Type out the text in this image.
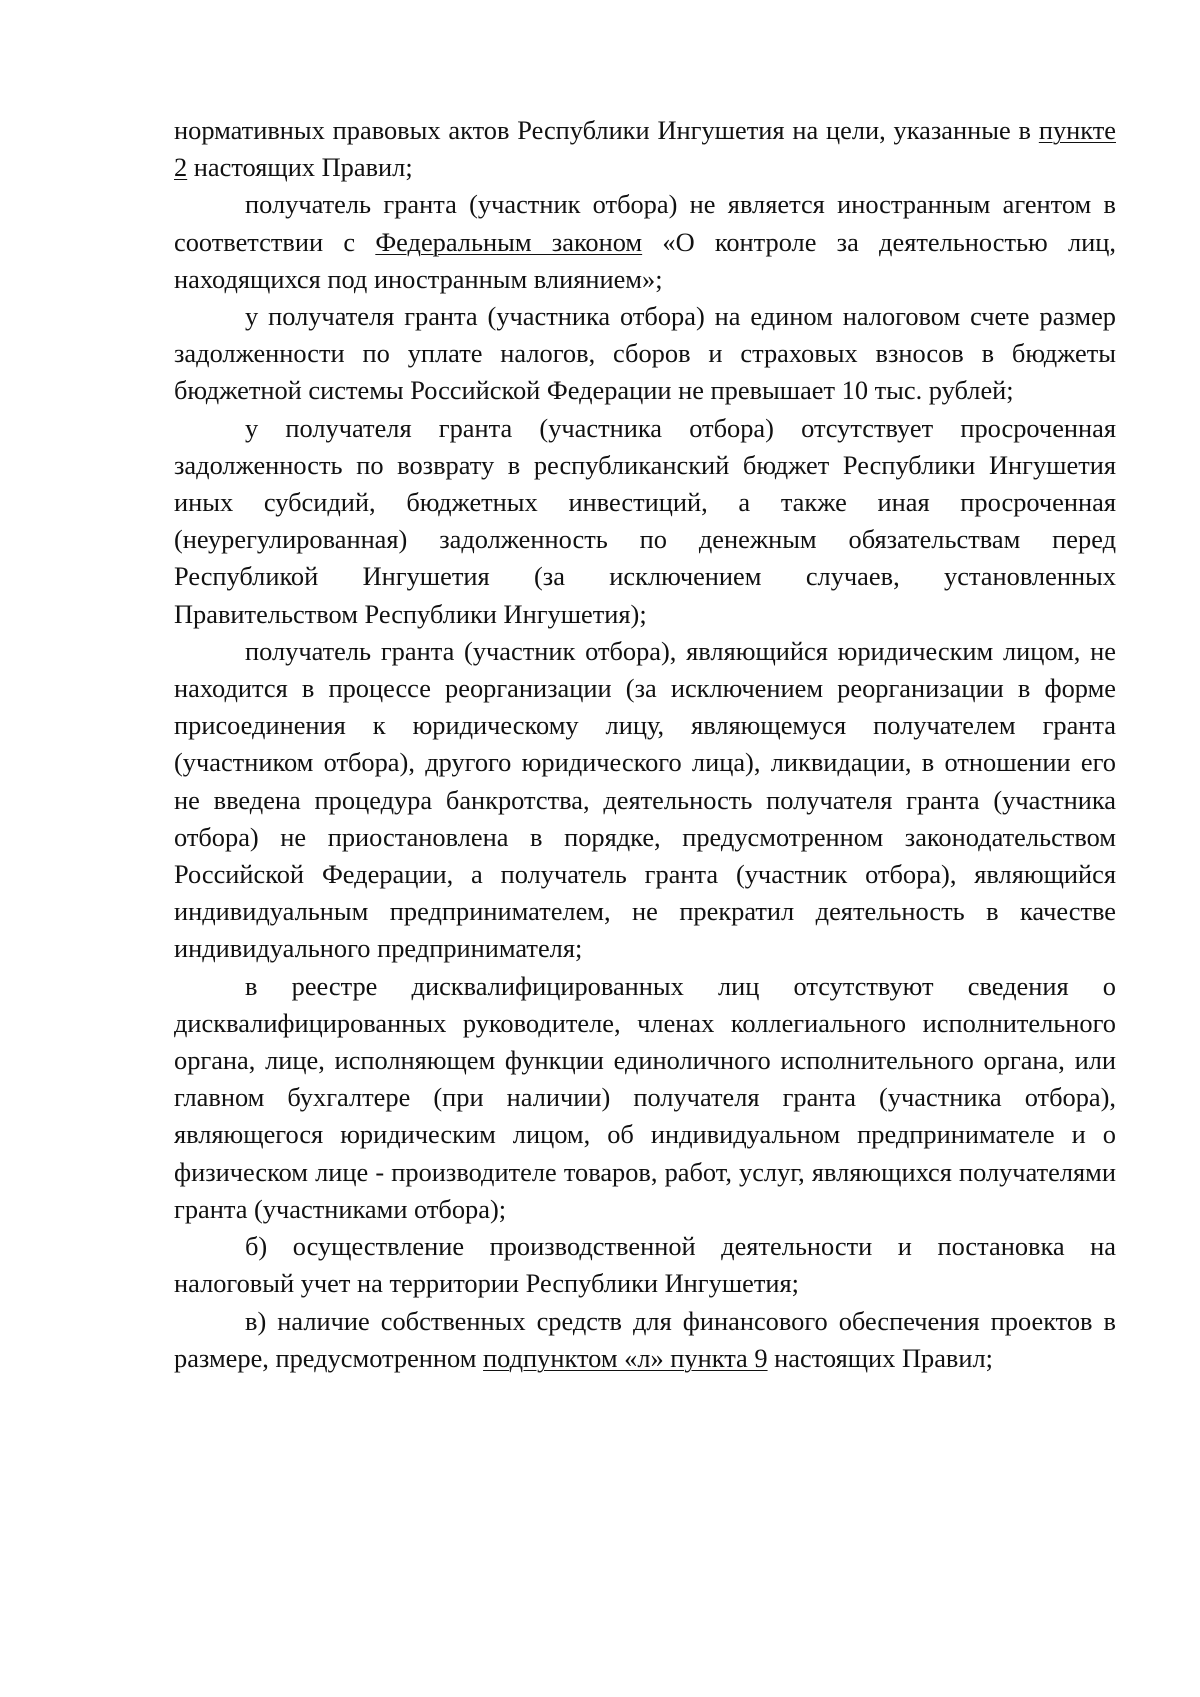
нормативных правовых актов Республики Ингушетия на цели, указанные в пункте 2 настоящих Правил;

получатель гранта (участник отбора) не является иностранным агентом в соответствии с Федеральным законом «О контроле за деятельностью лиц, находящихся под иностранным влиянием»;

у получателя гранта (участника отбора) на едином налоговом счете размер задолженности по уплате налогов, сборов и страховых взносов в бюджеты бюджетной системы Российской Федерации не превышает 10 тыс. рублей;

у получателя гранта (участника отбора) отсутствует просроченная задолженность по возврату в республиканский бюджет Республики Ингушетия иных субсидий, бюджетных инвестиций, а также иная просроченная (неурегулированная) задолженность по денежным обязательствам перед Республикой Ингушетия (за исключением случаев, установленных Правительством Республики Ингушетия);

получатель гранта (участник отбора), являющийся юридическим лицом, не находится в процессе реорганизации (за исключением реорганизации в форме присоединения к юридическому лицу, являющемуся получателем гранта (участником отбора), другого юридического лица), ликвидации, в отношении его не введена процедура банкротства, деятельность получателя гранта (участника отбора) не приостановлена в порядке, предусмотренном законодательством Российской Федерации, а получатель гранта (участник отбора), являющийся индивидуальным предпринимателем, не прекратил деятельность в качестве индивидуального предпринимателя;

в реестре дисквалифицированных лиц отсутствуют сведения о дисквалифицированных руководителе, членах коллегиального исполнительного органа, лице, исполняющем функции единоличного исполнительного органа, или главном бухгалтере (при наличии) получателя гранта (участника отбора), являющегося юридическим лицом, об индивидуальном предпринимателе и о физическом лице - производителе товаров, работ, услуг, являющихся получателями гранта (участниками отбора);

б) осуществление производственной деятельности и постановка на налоговый учет на территории Республики Ингушетия;

в) наличие собственных средств для финансового обеспечения проектов в размере, предусмотренном подпунктом «л» пункта 9 настоящих Правил;
